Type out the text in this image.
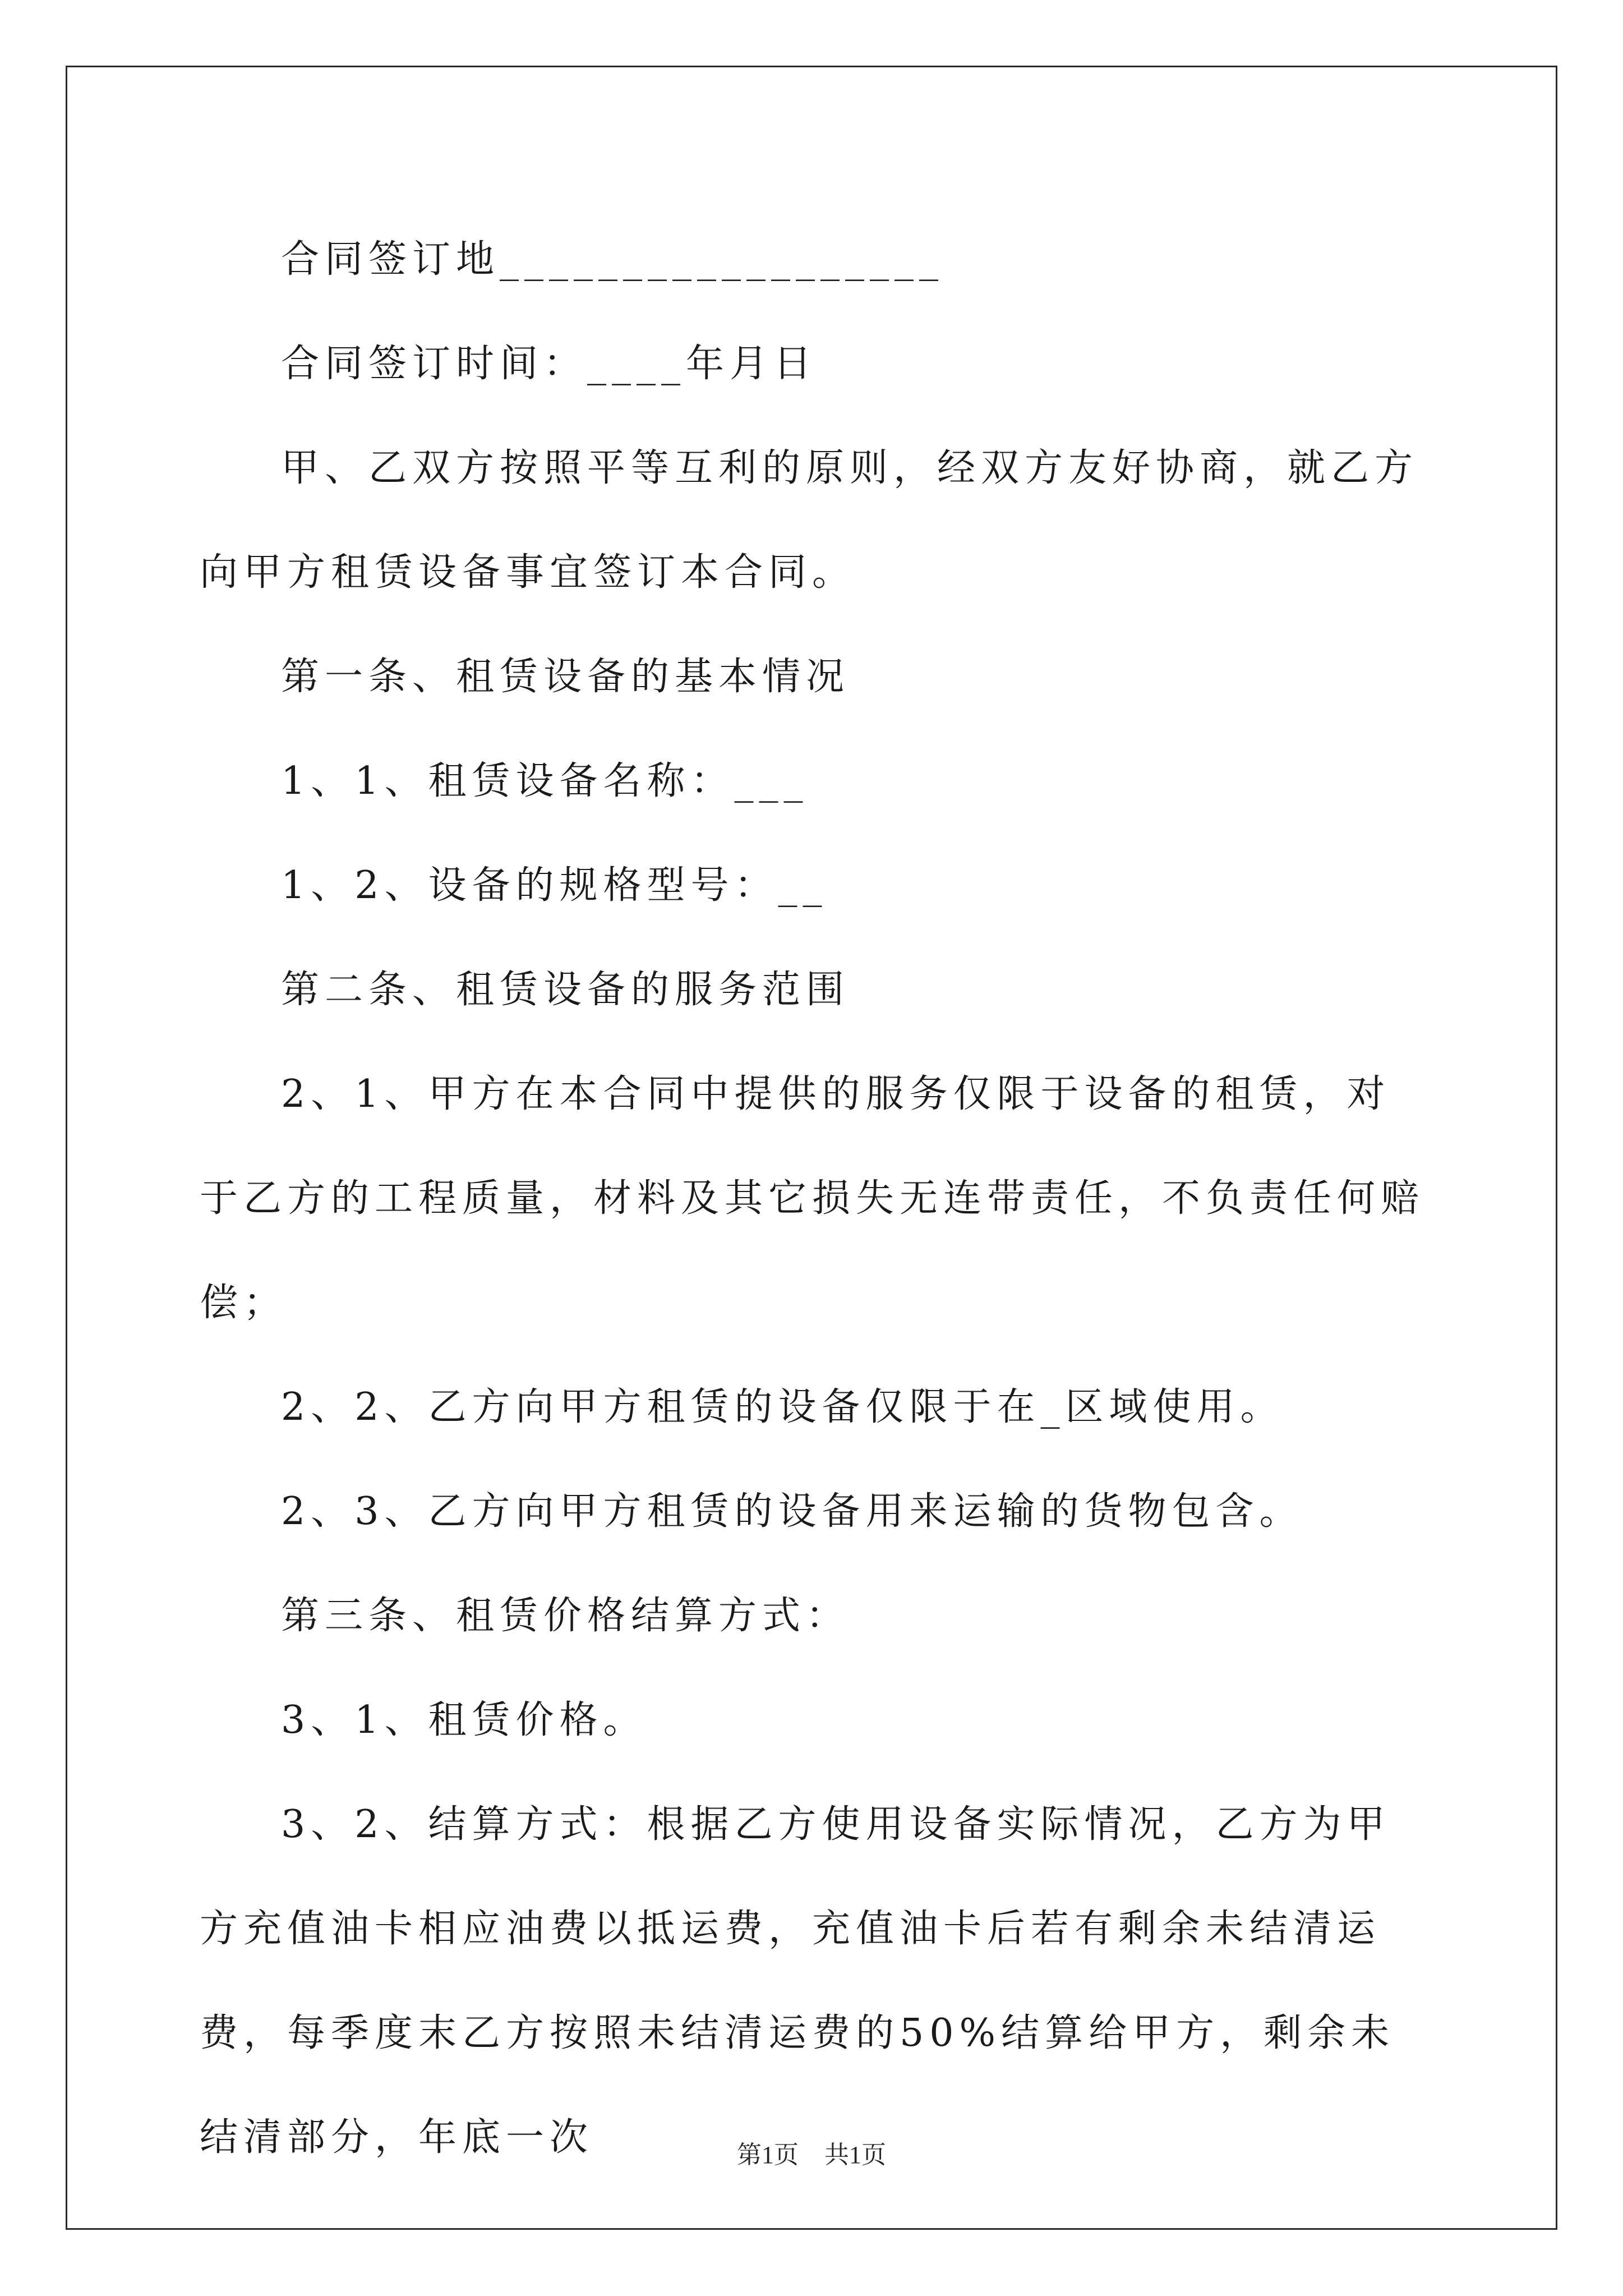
合同签订地__________________

合同签订时间：____年月日

甲、乙双方按照平等互利的原则，经双方友好协商，就乙方向甲方租赁设备事宜签订本合同。

第一条、租赁设备的基本情况

1、1、租赁设备名称：___

1、2、设备的规格型号：__

第二条、租赁设备的服务范围

2、1、甲方在本合同中提供的服务仅限于设备的租赁，对于乙方的工程质量，材料及其它损失无连带责任，不负责任何赔偿；

2、2、乙方向甲方租赁的设备仅限于在_区域使用。

2、3、乙方向甲方租赁的设备用来运输的货物包含。

第三条、租赁价格结算方式：

3、1、租赁价格。

3、2、结算方式：根据乙方使用设备实际情况，乙方为甲方充值油卡相应油费以抵运费，充值油卡后若有剩余未结清运费，每季度末乙方按照未结清运费的50%结算给甲方，剩余未结清部分，年底一次	第1页 共1页
